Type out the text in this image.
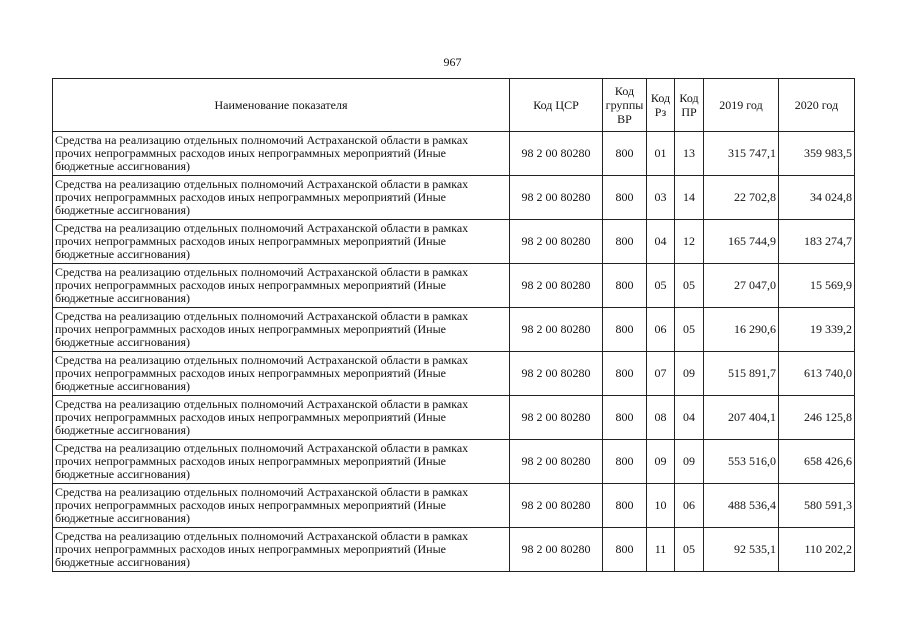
967
Наименование показателя	Код ЦСР	Код группы ВР	Код Рз	Код ПР	2019 год	2020 год
Средства на реализацию отдельных полномочий Астраханской области в рамках прочих непрограммных расходов иных непрограммных мероприятий (Иные бюджетные ассигнования)	98 2 00 80280	800	01	13	315 747,1	359 983,5
Средства на реализацию отдельных полномочий Астраханской области в рамках прочих непрограммных расходов иных непрограммных мероприятий (Иные бюджетные ассигнования)	98 2 00 80280	800	03	14	22 702,8	34 024,8
Средства на реализацию отдельных полномочий Астраханской области в рамках прочих непрограммных расходов иных непрограммных мероприятий (Иные бюджетные ассигнования)	98 2 00 80280	800	04	12	165 744,9	183 274,7
Средства на реализацию отдельных полномочий Астраханской области в рамках прочих непрограммных расходов иных непрограммных мероприятий (Иные бюджетные ассигнования)	98 2 00 80280	800	05	05	27 047,0	15 569,9
Средства на реализацию отдельных полномочий Астраханской области в рамках прочих непрограммных расходов иных непрограммных мероприятий (Иные бюджетные ассигнования)	98 2 00 80280	800	06	05	16 290,6	19 339,2
Средства на реализацию отдельных полномочий Астраханской области в рамках прочих непрограммных расходов иных непрограммных мероприятий (Иные бюджетные ассигнования)	98 2 00 80280	800	07	09	515 891,7	613 740,0
Средства на реализацию отдельных полномочий Астраханской области в рамках прочих непрограммных расходов иных непрограммных мероприятий (Иные бюджетные ассигнования)	98 2 00 80280	800	08	04	207 404,1	246 125,8
Средства на реализацию отдельных полномочий Астраханской области в рамках прочих непрограммных расходов иных непрограммных мероприятий (Иные бюджетные ассигнования)	98 2 00 80280	800	09	09	553 516,0	658 426,6
Средства на реализацию отдельных полномочий Астраханской области в рамках прочих непрограммных расходов иных непрограммных мероприятий (Иные бюджетные ассигнования)	98 2 00 80280	800	10	06	488 536,4	580 591,3
Средства на реализацию отдельных полномочий Астраханской области в рамках прочих непрограммных расходов иных непрограммных мероприятий (Иные бюджетные ассигнования)	98 2 00 80280	800	11	05	92 535,1	110 202,2
